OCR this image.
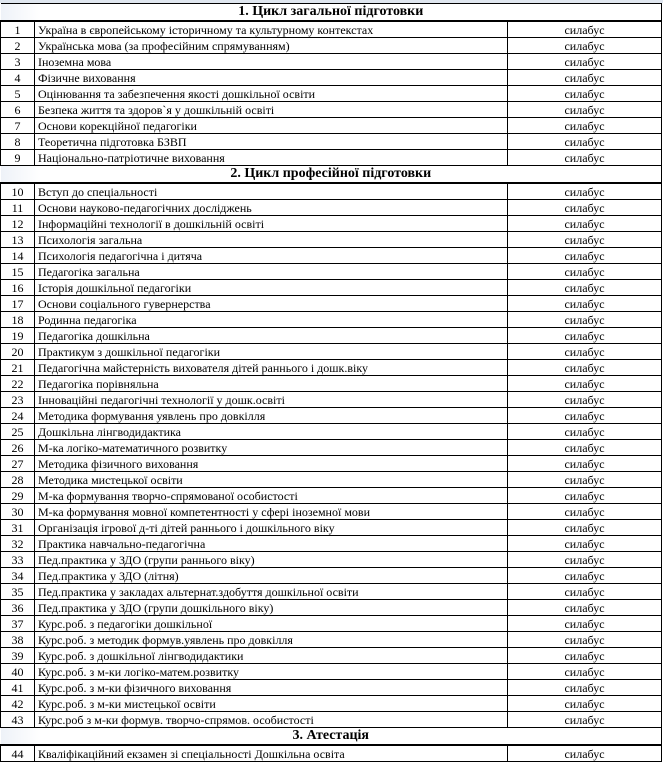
1. Цикл загальної підготовки		
1	Україна в європейському історичному та культурному контекстах	силабус
2	Українська мова (за професійним спрямуванням)	силабус
3	Іноземна мова	силабус
4	Фізичне виховання	силабус
5	Оцінювання та забезпечення якості дошкільної освіти	силабус
6	Безпека життя та здоров`я у дошкільній освіті	силабус
7	Основи корекційної педагогіки	силабус
8	Теоретична підготовка БЗВП	силабус
9	Національно-патріотичне виховання	силабус
2. Цикл професійної підготовки		
10	Вступ до спеціальності	силабус
11	Основи науково-педагогічних досліджень	силабус
12	Інформаційні технології в дошкільній освіті	силабус
13	Психологія загальна	силабус
14	Психологія педагогічна і дитяча	силабус
15	Педагогіка загальна	силабус
16	Історія дошкільної педагогіки	силабус
17	Основи соціального гувернерства	силабус
18	Родинна педагогіка	силабус
19	Педагогіка дошкільна	силабус
20	Практикум з дошкільної педагогіки	силабус
21	Педагогічна майстерність вихователя дітей раннього і дошк.віку	силабус
22	Педагогіка порівняльна	силабус
23	Інноваційні педагогічні технології у дошк.освіті	силабус
24	Методика формування уявлень про довкілля	силабус
25	Дошкільна лінгводидактика	силабус
26	М-ка логіко-математичного розвитку	силабус
27	Методика фізичного виховання	силабус
28	Методика мистецької освіти	силабус
29	М-ка формування творчо-спрямованої особистості	силабус
30	М-ка формування мовної компетентності у сфері іноземної мови	силабус
31	Організація ігрової д-ті дітей раннього і дошкільного віку	силабус
32	Практика навчально-педагогічна	силабус
33	Пед.практика у ЗДО (групи раннього віку)	силабус
34	Пед.практика у ЗДО (літня)	силабус
35	Пед.практика у закладах альтернат.здобуття дошкільної освіти	силабус
36	Пед.практика у ЗДО (групи дошкільного віку)	силабус
37	Курс.роб. з педагогіки дошкільної	силабус
38	Курс.роб. з методик формув.уявлень про довкілля	силабус
39	Курс.роб. з дошкільної лінгводидактики	силабус
40	Курс.роб. з м-ки логіко-матем.розвитку	силабус
41	Курс.роб. з м-ки фізичного виховання	силабус
42	Курс.роб. з м-ки мистецької освіти	силабус
43	Курс.роб з м-ки формув. творчо-спрямов. особистості	силабус
3. Атестація		
44	Кваліфікаційний екзамен зі спеціальності Дошкільна освіта	силабус
